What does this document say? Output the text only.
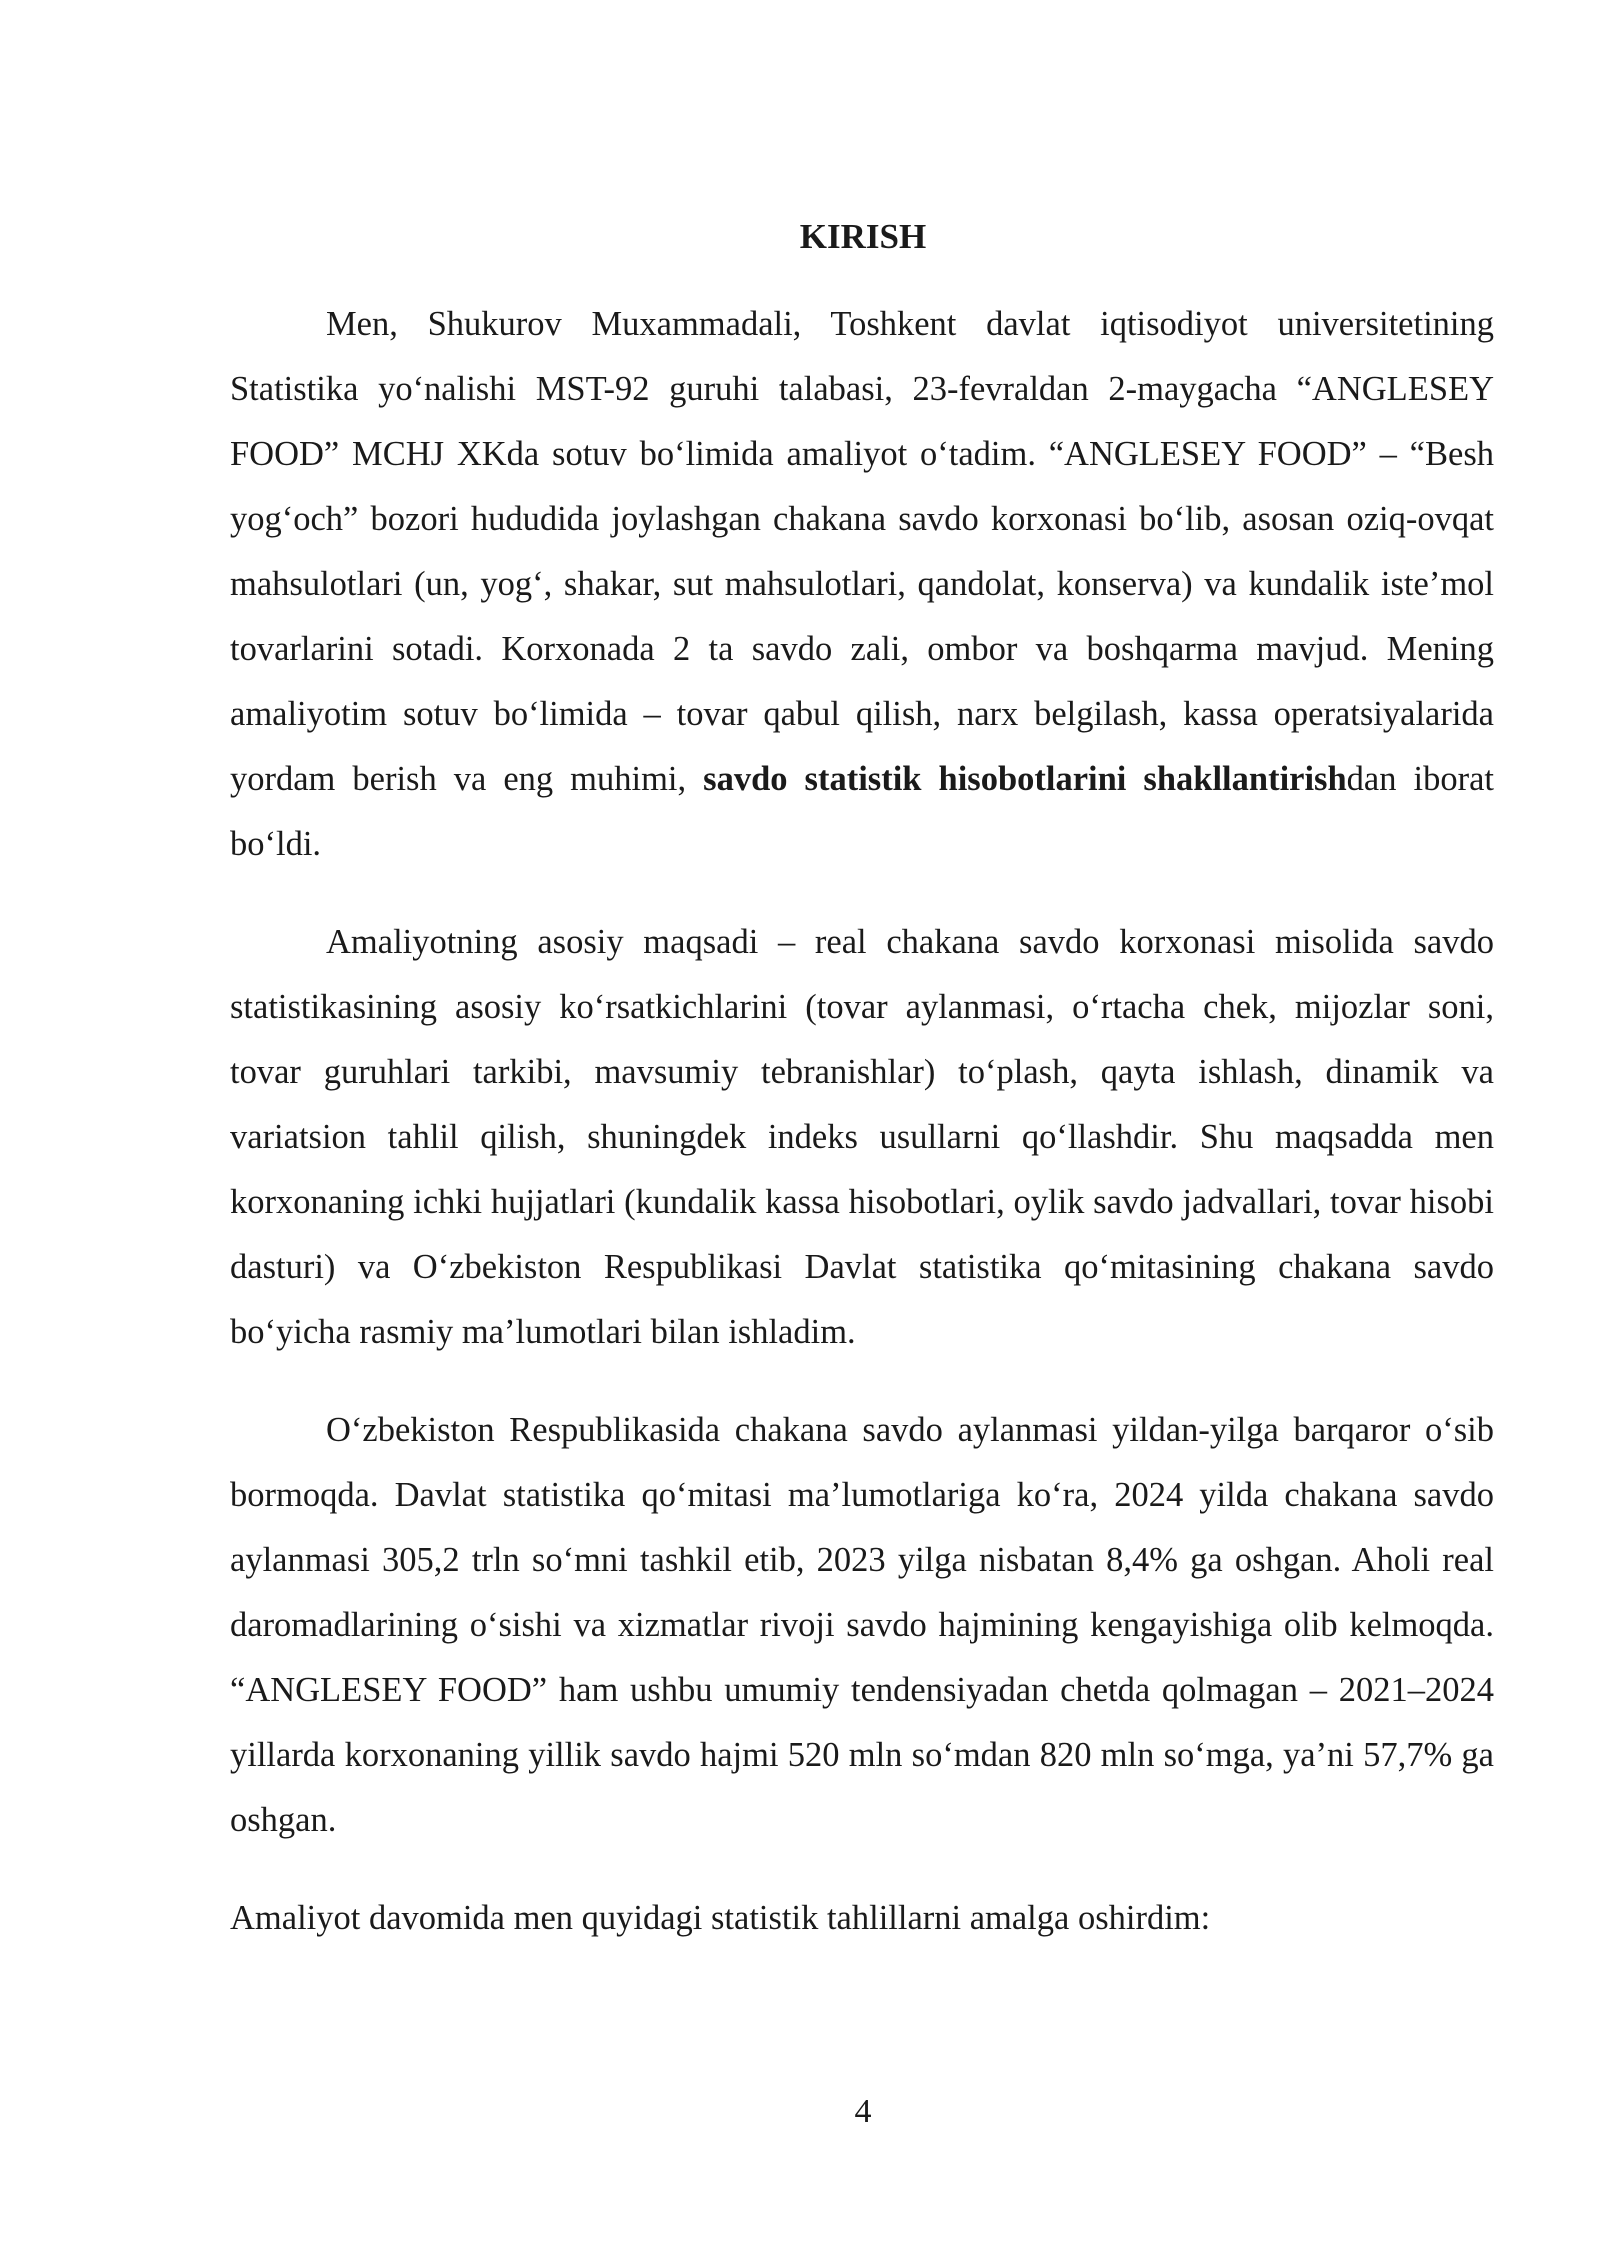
KIRISH

Men, Shukurov Muxammadali, Toshkent davlat iqtisodiyot universitetining Statistika yo‘nalishi MST-92 guruhi talabasi, 23-fevraldan 2-maygacha “ANGLESEY FOOD” MCHJ XKda sotuv bo‘limida amaliyot o‘tadim. “ANGLESEY FOOD” – “Besh yog‘och” bozori hududida joylashgan chakana savdo korxonasi bo‘lib, asosan oziq-ovqat mahsulotlari (un, yog‘, shakar, sut mahsulotlari, qandolat, konserva) va kundalik iste’mol tovarlarini sotadi. Korxonada 2 ta savdo zali, ombor va boshqarma mavjud. Mening amaliyotim sotuv bo‘limida – tovar qabul qilish, narx belgilash, kassa operatsiyalarida yordam berish va eng muhimi, savdo statistik hisobotlarini shakllantirishdan iborat bo‘ldi.

Amaliyotning asosiy maqsadi – real chakana savdo korxonasi misolida savdo statistikasining asosiy ko‘rsatkichlarini (tovar aylanmasi, o‘rtacha chek, mijozlar soni, tovar guruhlari tarkibi, mavsumiy tebranishlar) to‘plash, qayta ishlash, dinamik va variatsion tahlil qilish, shuningdek indeks usullarni qo‘llashdir. Shu maqsadda men korxonaning ichki hujjatlari (kundalik kassa hisobotlari, oylik savdo jadvallari, tovar hisobi dasturi) va O‘zbekiston Respublikasi Davlat statistika qo‘mitasining chakana savdo bo‘yicha rasmiy ma’lumotlari bilan ishladim.

O‘zbekiston Respublikasida chakana savdo aylanmasi yildan-yilga barqaror o‘sib bormoqda. Davlat statistika qo‘mitasi ma’lumotlariga ko‘ra, 2024 yilda chakana savdo aylanmasi 305,2 trln so‘mni tashkil etib, 2023 yilga nisbatan 8,4% ga oshgan. Aholi real daromadlarining o‘sishi va xizmatlar rivoji savdo hajmining kengayishiga olib kelmoqda. “ANGLESEY FOOD” ham ushbu umumiy tendensiyadan chetda qolmagan – 2021–2024 yillarda korxonaning yillik savdo hajmi 520 mln so‘mdan 820 mln so‘mga, ya’ni 57,7% ga oshgan.

Amaliyot davomida men quyidagi statistik tahlillarni amalga oshirdim:

4
